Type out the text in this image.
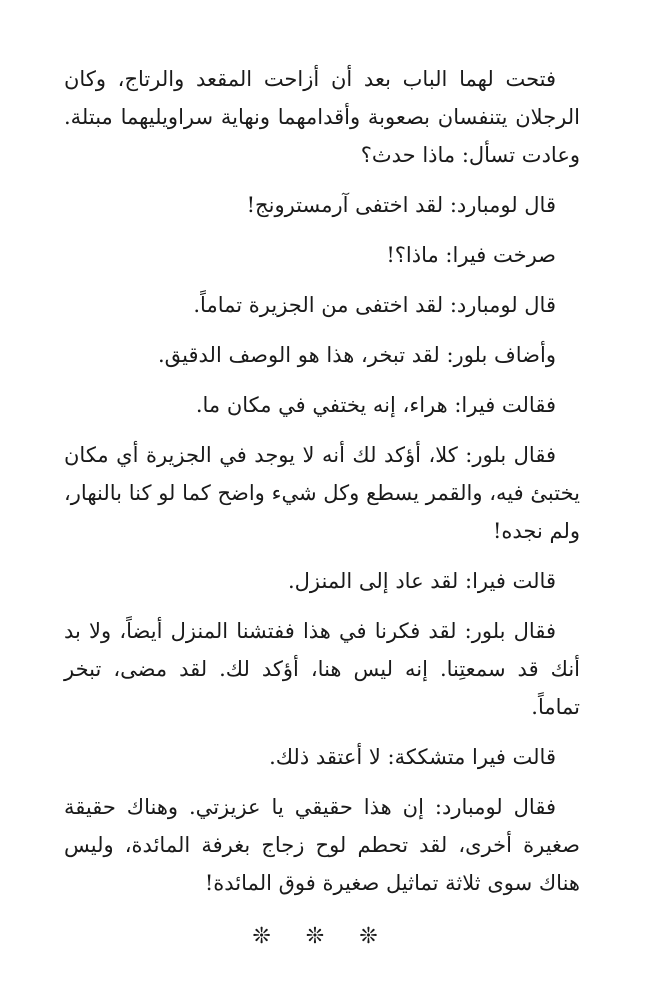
فتحت لهما الباب بعد أن أزاحت المقعد والرتاج، وكان الرجلان يتنفسان بصعوبة وأقدامهما ونهاية سراويليهما مبتلة. وعادت تسأل: ماذا حدث؟

قال لومبارد: لقد اختفى آرمسترونج!

صرخت فيرا: ماذا؟!

قال لومبارد: لقد اختفى من الجزيرة تماماً.

وأضاف بلور: لقد تبخر، هذا هو الوصف الدقيق.

فقالت فيرا: هراء، إنه يختفي في مكان ما.

فقال بلور: كلا، أؤكد لك أنه لا يوجد في الجزيرة أي مكان يختبئ فيه، والقمر يسطع وكل شيء واضح كما لو كنا بالنهار، ولم نجده!

قالت فيرا: لقد عاد إلى المنزل.

فقال بلور: لقد فكرنا في هذا ففتشنا المنزل أيضاً، ولا بد أنك قد سمعتِنا. إنه ليس هنا، أؤكد لك. لقد مضى، تبخر تماماً.

قالت فيرا متشككة: لا أعتقد ذلك.

فقال لومبارد: إن هذا حقيقي يا عزيزتي. وهناك حقيقة صغيرة أخرى، لقد تحطم لوح زجاج بغرفة المائدة، وليس هناك سوى ثلاثة تماثيل صغيرة فوق المائدة!

❊ ❊ ❊
